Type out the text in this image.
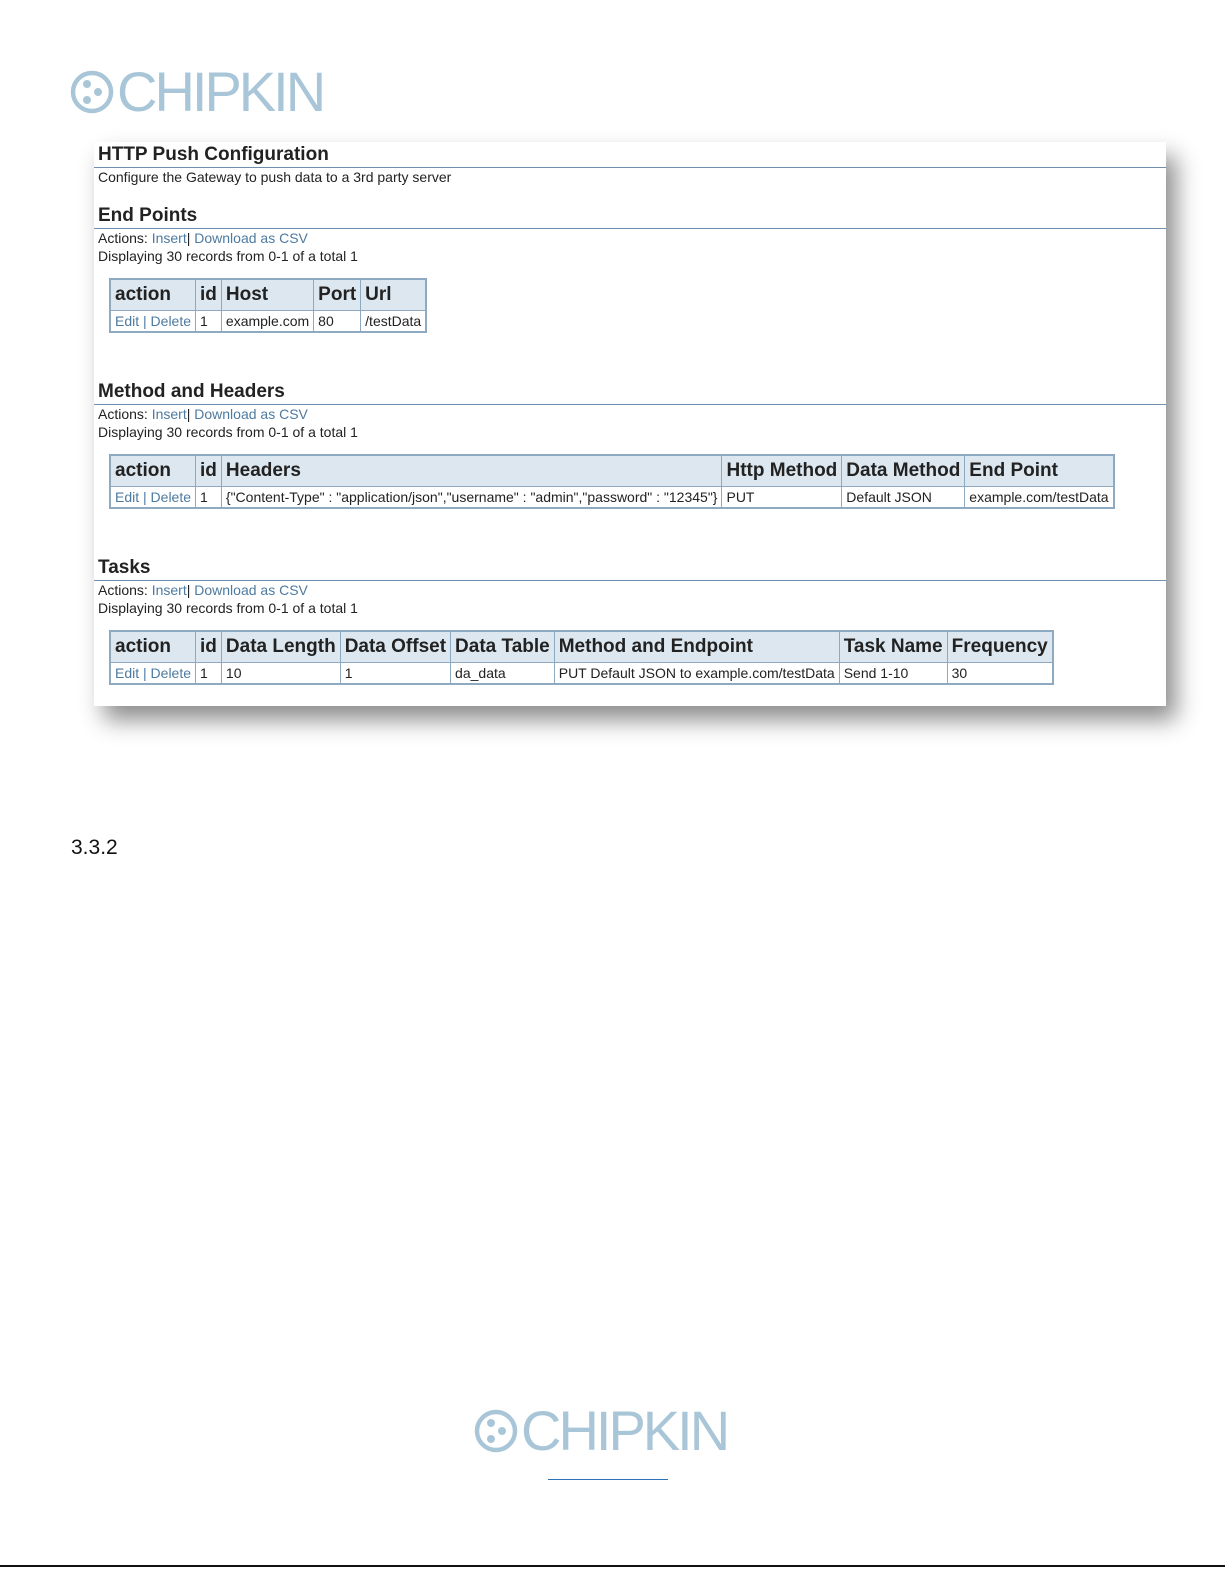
CHIPKIN
HTTP Push Configuration
Configure the Gateway to push data to a 3rd party server
End Points
Actions: Insert| Download as CSV
Displaying 30 records from 0-1 of a total 1
action	id	Host	Port	Url
Edit | Delete	1	example.com	80	/testData
Method and Headers
Actions: Insert| Download as CSV
Displaying 30 records from 0-1 of a total 1
action	id	Headers	Http Method	Data Method	End Point
Edit | Delete	1	{"Content-Type" : "application/json","username" : "admin","password" : "12345"}	PUT	Default JSON	example.com/testData
Tasks
Actions: Insert| Download as CSV
Displaying 30 records from 0-1 of a total 1
action	id	Data Length	Data Offset	Data Table	Method and Endpoint	Task Name	Frequency
Edit | Delete	1	10	1	da_data	PUT Default JSON to example.com/testData	Send 1-10	30
3.3.2
CHIPKIN
